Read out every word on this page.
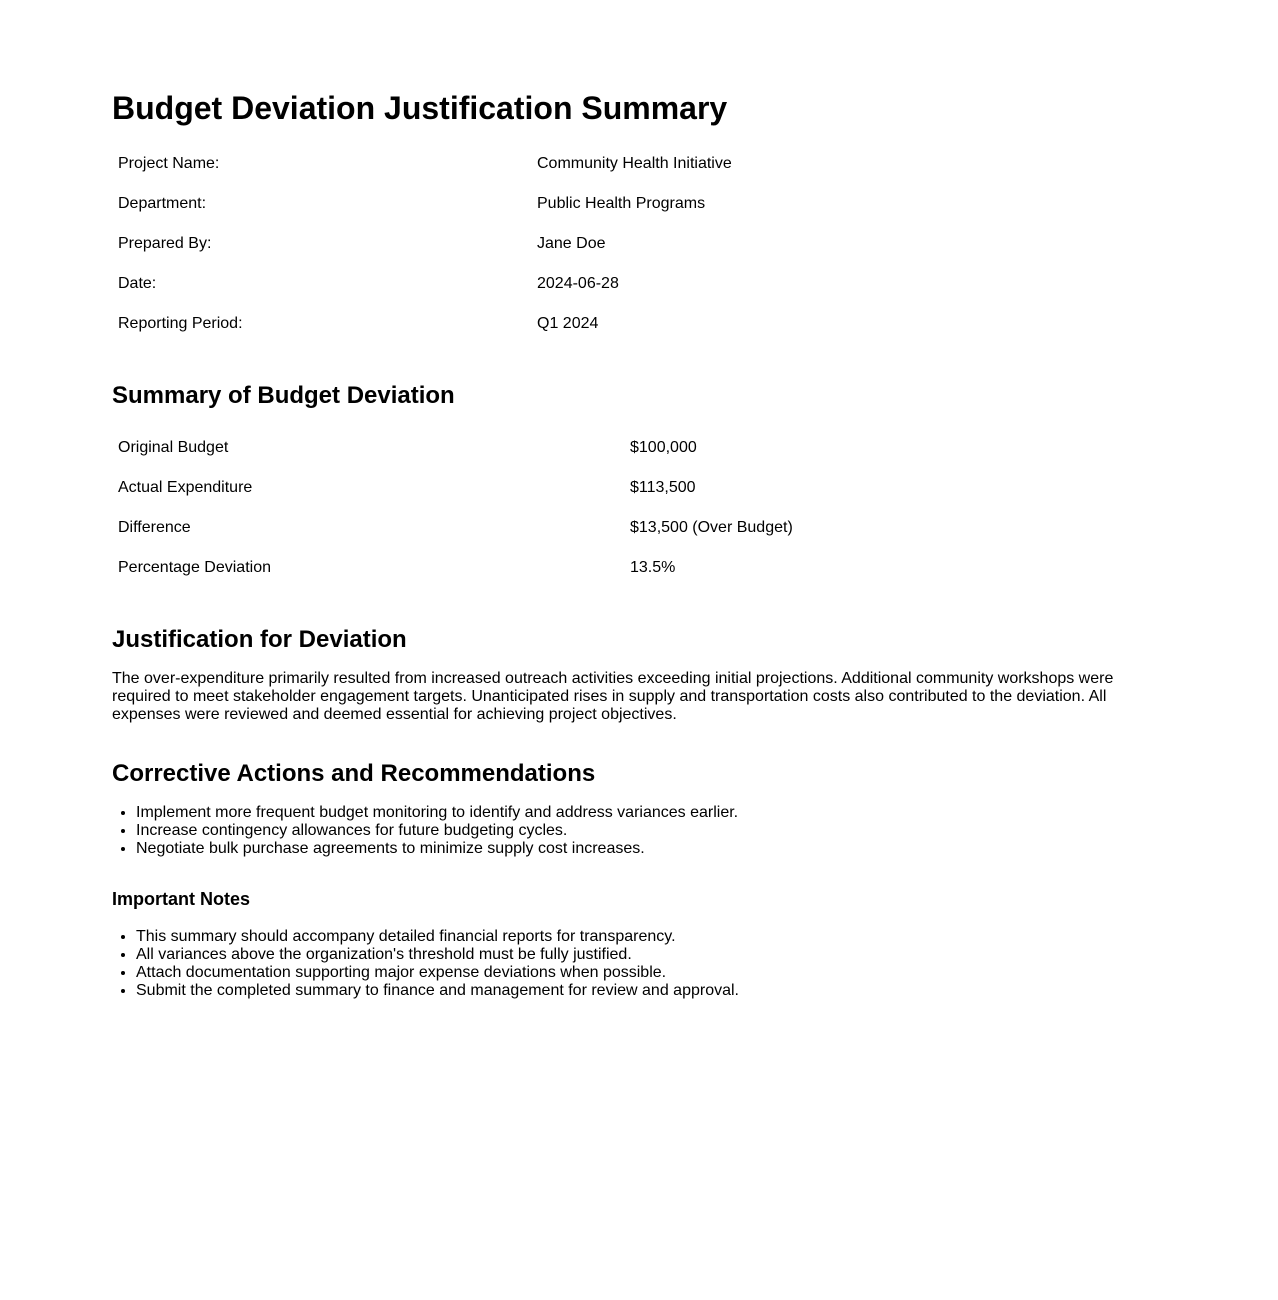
Budget Deviation Justification Summary
Project Name:	Community Health Initiative
Department:	Public Health Programs
Prepared By:	Jane Doe
Date:	2024-06-28
Reporting Period:	Q1 2024
Summary of Budget Deviation
Original Budget	$100,000
Actual Expenditure	$113,500
Difference	$13,500 (Over Budget)
Percentage Deviation	13.5%
Justification for Deviation

The over-expenditure primarily resulted from increased outreach activities exceeding initial projections. Additional community workshops were required to meet stakeholder engagement targets. Unanticipated rises in supply and transportation costs also contributed to the deviation. All expenses were reviewed and deemed essential for achieving project objectives.

Corrective Actions and Recommendations
• Implement more frequent budget monitoring to identify and address variances earlier.
• Increase contingency allowances for future budgeting cycles.
• Negotiate bulk purchase agreements to minimize supply cost increases.
Important Notes
• This summary should accompany detailed financial reports for transparency.
• All variances above the organization's threshold must be fully justified.
• Attach documentation supporting major expense deviations when possible.
• Submit the completed summary to finance and management for review and approval.
